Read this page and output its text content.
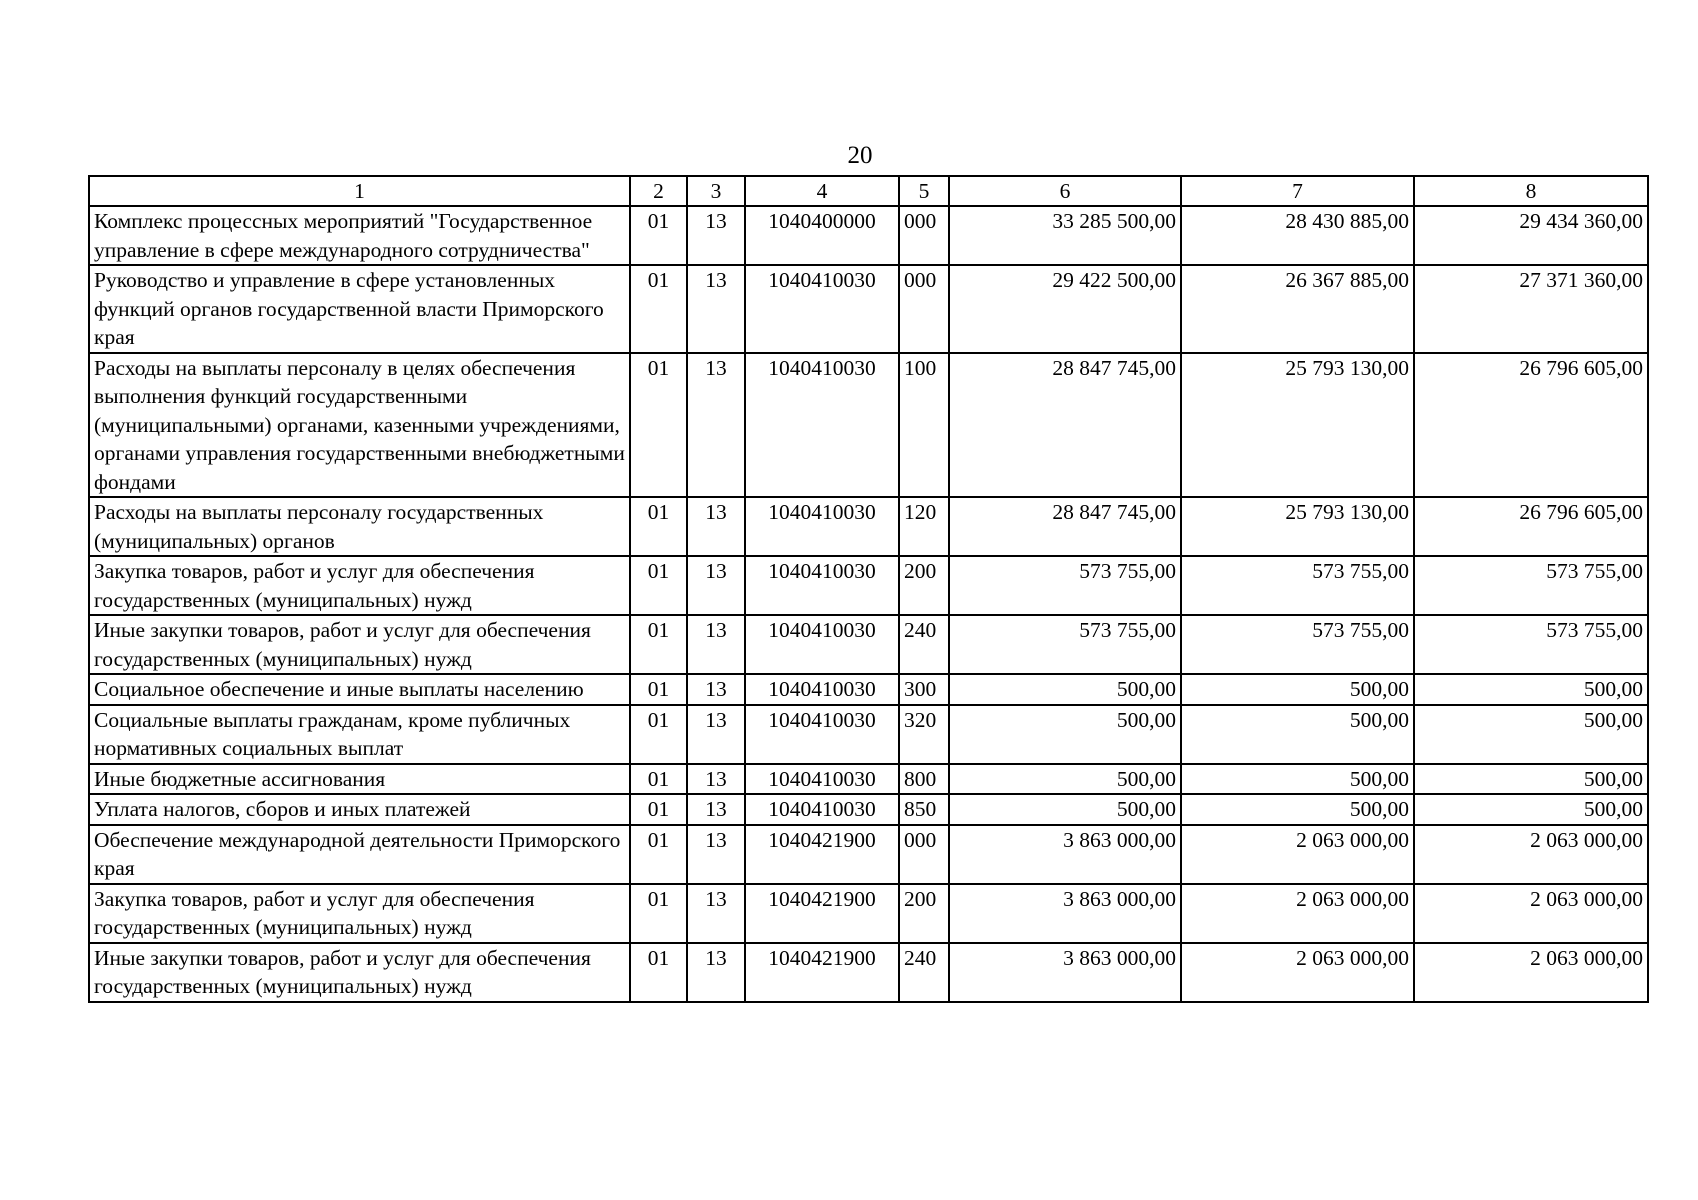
20
1	2	3	4	5	6	7	8
Комплекс процессных мероприятий "Государственное управление в сфере международного сотрудничества"	01	13	1040400000	000	33 285 500,00	28 430 885,00	29 434 360,00
Руководство и управление в сфере установленных функций органов государственной власти Приморского края	01	13	1040410030	000	29 422 500,00	26 367 885,00	27 371 360,00
Расходы на выплаты персоналу в целях обеспечения выполнения функций государственными (муниципальными) органами, казенными учреждениями, органами управления государственными внебюджетными фондами	01	13	1040410030	100	28 847 745,00	25 793 130,00	26 796 605,00
Расходы на выплаты персоналу государственных (муниципальных) органов	01	13	1040410030	120	28 847 745,00	25 793 130,00	26 796 605,00
Закупка товаров, работ и услуг для обеспечения государственных (муниципальных) нужд	01	13	1040410030	200	573 755,00	573 755,00	573 755,00
Иные закупки товаров, работ и услуг для обеспечения государственных (муниципальных) нужд	01	13	1040410030	240	573 755,00	573 755,00	573 755,00
Социальное обеспечение и иные выплаты населению	01	13	1040410030	300	500,00	500,00	500,00
Социальные выплаты гражданам, кроме публичных нормативных социальных выплат	01	13	1040410030	320	500,00	500,00	500,00
Иные бюджетные ассигнования	01	13	1040410030	800	500,00	500,00	500,00
Уплата налогов, сборов и иных платежей	01	13	1040410030	850	500,00	500,00	500,00
Обеспечение международной деятельности Приморского края	01	13	1040421900	000	3 863 000,00	2 063 000,00	2 063 000,00
Закупка товаров, работ и услуг для обеспечения государственных (муниципальных) нужд	01	13	1040421900	200	3 863 000,00	2 063 000,00	2 063 000,00
Иные закупки товаров, работ и услуг для обеспечения государственных (муниципальных) нужд	01	13	1040421900	240	3 863 000,00	2 063 000,00	2 063 000,00
